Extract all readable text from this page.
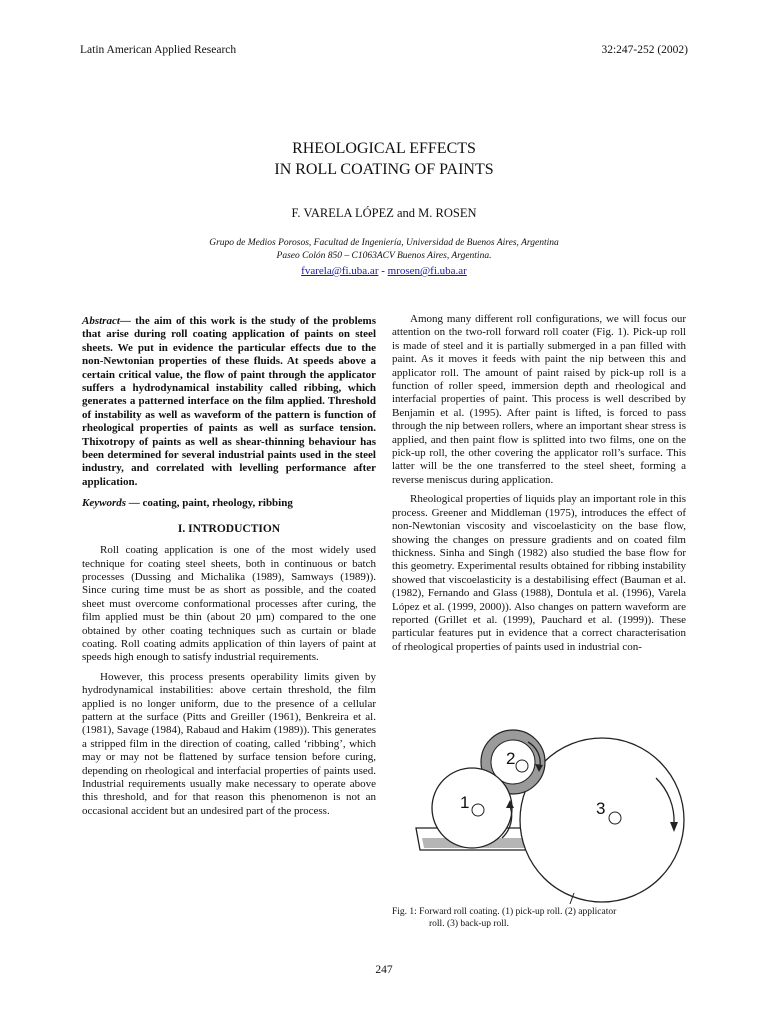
Latin American Applied Research	32:247-252 (2002)
RHEOLOGICAL EFFECTS
IN ROLL COATING OF PAINTS
F. VARELA LÓPEZ and M. ROSEN
Grupo de Medios Porosos, Facultad de Ingeniería, Universidad de Buenos Aires, Argentina
Paseo Colón 850 – C1063ACV Buenos Aires, Argentina.
fvarela@fi.uba.ar - mrosen@fi.uba.ar
Abstract— the aim of this work is the study of the problems that arise during roll coating application of paints on steel sheets. We put in evidence the particular effects due to the non-Newtonian properties of these fluids. At speeds above a certain critical value, the flow of paint through the applicator suffers a hydrodynamical instability called ribbing, which generates a patterned interface on the film applied. Threshold of instability as well as waveform of the pattern is function of rheological properties of paints as well as surface tension. Thixotropy of paints as well as shear-thinning behaviour has been determined for several industrial paints used in the steel industry, and correlated with levelling performance after application.
Keywords — coating, paint, rheology, ribbing
I. INTRODUCTION
Roll coating application is one of the most widely used technique for coating steel sheets, both in continuous or batch processes (Dussing and Michalika (1989), Samways (1989)). Since curing time must be as short as possible, and the coated sheet must overcome conformational processes after curing, the film applied must be thin (about 20 µm) compared to the one obtained by other coating techniques such as curtain or blade coating. Roll coating admits application of thin layers of paint at speeds high enough to satisfy industrial requirements.
However, this process presents operability limits given by hydrodynamical instabilities: above certain threshold, the film applied is no longer uniform, due to the presence of a cellular pattern at the surface (Pitts and Greiller (1961), Benkreira et al. (1981), Savage (1984), Rabaud and Hakim (1989)). This generates a stripped film in the direction of coating, called ‘ribbing’, which may or may not be flattened by surface tension before curing, depending on rheological and interfacial properties of paints used. Industrial requirements usually make necessary to operate above this threshold, and for that reason this phenomenon is not an occasional accident but an undesired part of the process.
Among many different roll configurations, we will focus our attention on the two-roll forward roll coater (Fig. 1). Pick-up roll is made of steel and it is partially submerged in a pan filled with paint. As it moves it feeds with paint the nip between this and applicator roll. The amount of paint raised by pick-up roll is a function of roller speed, immersion depth and rheological and interfacial properties of paint. This process is well described by Benjamin et al. (1995). After paint is lifted, is forced to pass through the nip between rollers, where an important shear stress is applied, and then paint flow is splitted into two films, one on the pick-up roll, the other covering the applicator roll’s surface. This latter will be the one transferred to the steel sheet, forming a reverse meniscus during application.
Rheological properties of liquids play an important role in this process. Greener and Middleman (1975), introduces the effect of non-Newtonian viscosity and viscoelasticity on the base flow, showing the changes on pressure gradients and on coated film thickness. Sinha and Singh (1982) also studied the base flow for this geometry. Experimental results obtained for ribbing instability showed that viscoelasticity is a destabilising effect (Bauman et al. (1982), Fernando and Glass (1988), Dontula et al. (1996), Varela López et al. (1999, 2000)). Also changes on pattern waveform are reported (Grillet et al. (1999), Pauchard et al. (1999)). These particular features put in evidence that a correct characterisation of rheological properties of paints used in industrial con-
1
2
3
Fig. 1: Forward roll coating. (1) pick-up roll. (2) applicator
roll. (3) back-up roll.
247
